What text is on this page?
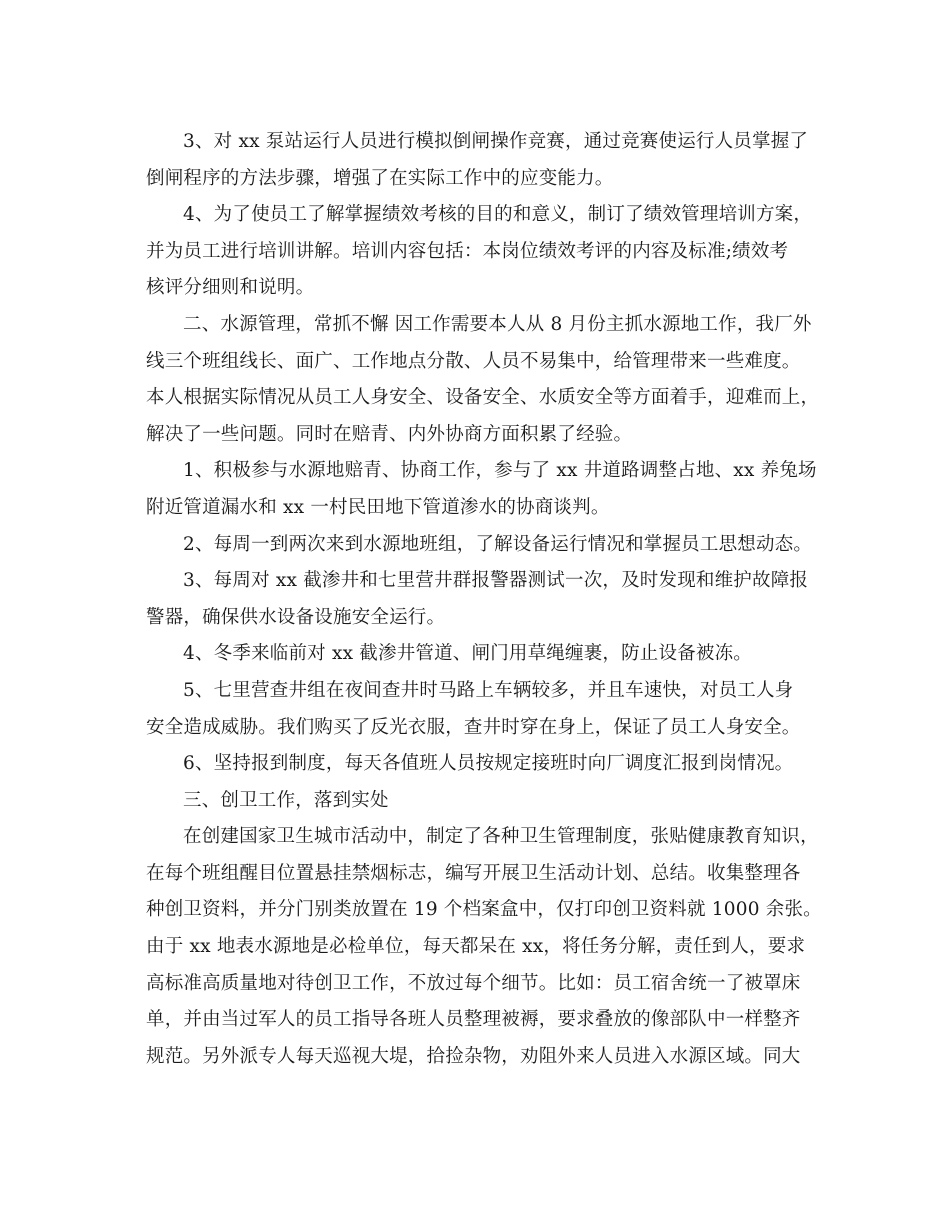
3、对 xx 泵站运行人员进行模拟倒闸操作竞赛，通过竞赛使运行人员掌握了
倒闸程序的方法步骤，增强了在实际工作中的应变能力。
4、为了使员工了解掌握绩效考核的目的和意义，制订了绩效管理培训方案，
并为员工进行培训讲解。培训内容包括：本岗位绩效考评的内容及标准;绩效考
核评分细则和说明。
二、水源管理，常抓不懈 因工作需要本人从 8 月份主抓水源地工作，我厂外
线三个班组线长、面广、工作地点分散、人员不易集中，给管理带来一些难度。
本人根据实际情况从员工人身安全、设备安全、水质安全等方面着手，迎难而上，
解决了一些问题。同时在赔青、内外协商方面积累了经验。
1、积极参与水源地赔青、协商工作，参与了 xx 井道路调整占地、xx 养兔场
附近管道漏水和 xx 一村民田地下管道渗水的协商谈判。
2、每周一到两次来到水源地班组，了解设备运行情况和掌握员工思想动态。
3、每周对 xx 截渗井和七里营井群报警器测试一次，及时发现和维护故障报
警器，确保供水设备设施安全运行。
4、冬季来临前对 xx 截渗井管道、闸门用草绳缠裹，防止设备被冻。
5、七里营查井组在夜间查井时马路上车辆较多，并且车速快，对员工人身
安全造成威胁。我们购买了反光衣服，查井时穿在身上，保证了员工人身安全。
6、坚持报到制度，每天各值班人员按规定接班时向厂调度汇报到岗情况。
三、创卫工作，落到实处
在创建国家卫生城市活动中，制定了各种卫生管理制度，张贴健康教育知识，
在每个班组醒目位置悬挂禁烟标志，编写开展卫生活动计划、总结。收集整理各
种创卫资料，并分门别类放置在 19 个档案盒中，仅打印创卫资料就 1000 余张。
由于 xx 地表水源地是必检单位，每天都呆在 xx，将任务分解，责任到人，要求
高标准高质量地对待创卫工作，不放过每个细节。比如：员工宿舍统一了被罩床
单，并由当过军人的员工指导各班人员整理被褥，要求叠放的像部队中一样整齐
规范。另外派专人每天巡视大堤，拾捡杂物，劝阻外来人员进入水源区域。同大
